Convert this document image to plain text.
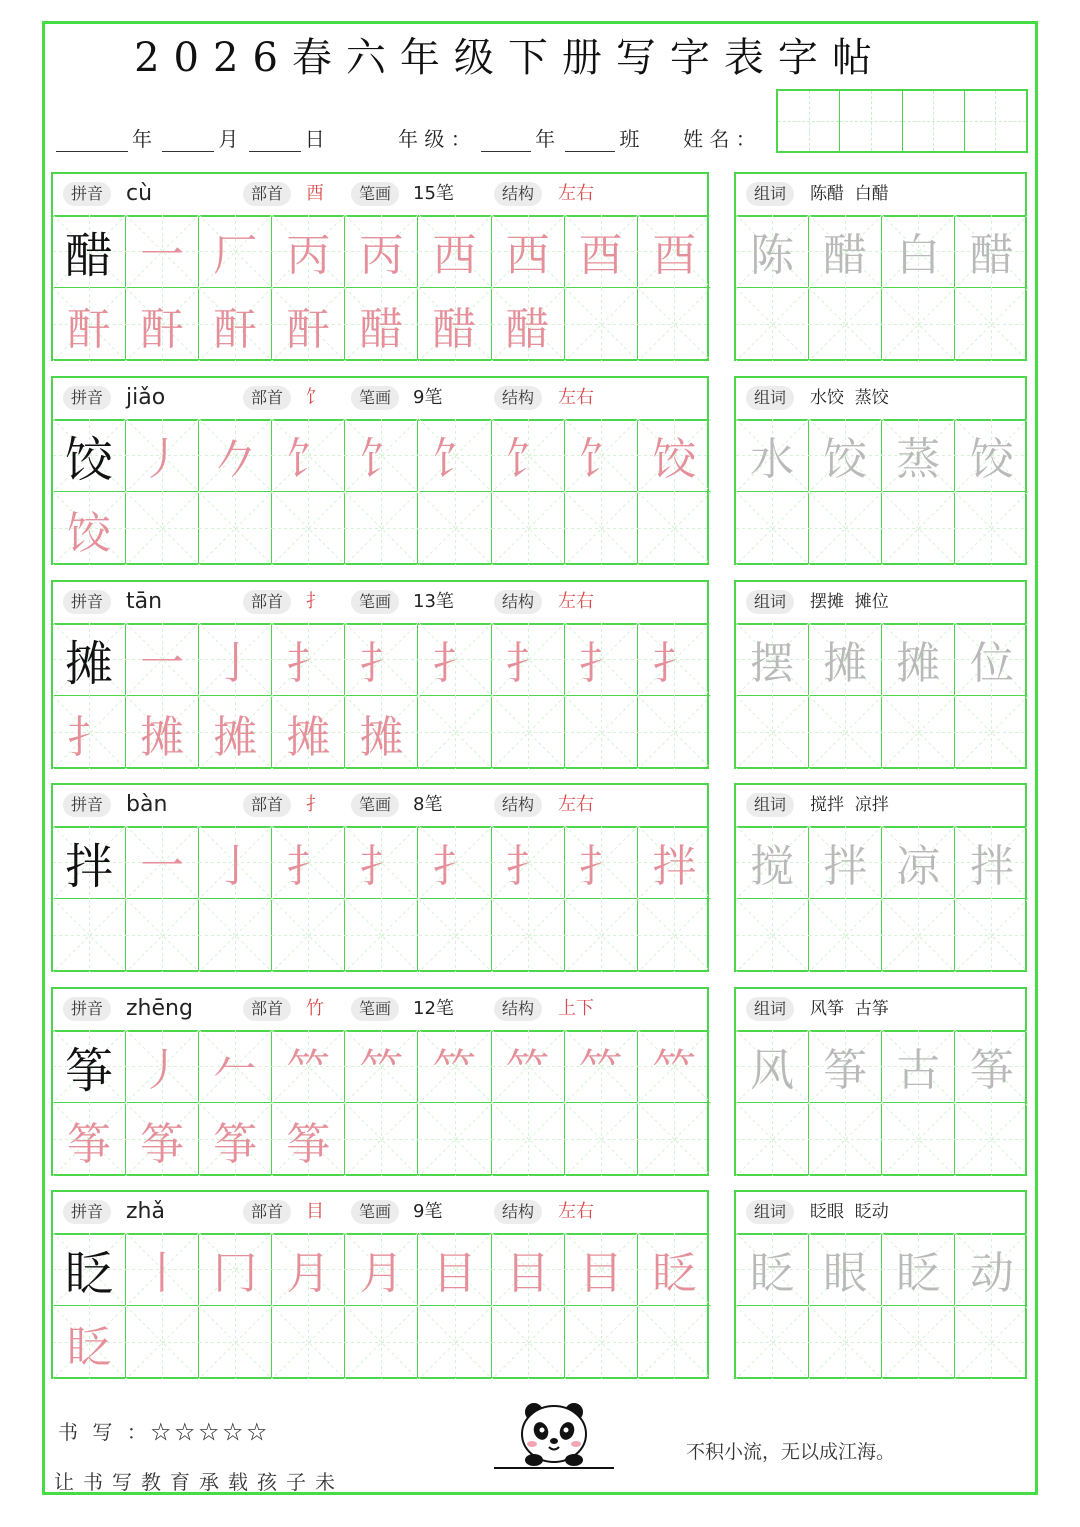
2026春六年级下册写字表字帖
年	月	日	年 级 ：	年	班 姓 名 ：
拼音	cù	部首	酉	笔画	15笔	结构	左右
醋 一 厂 丙 丙 西 西 酉 酉
酐 酐 酐 酐 醋 醋 醋
组词	陈醋  白醋
陈 醋 白 醋
拼音	jiǎo	部首	饣	笔画	9笔	结构	左右
饺 丿 𠂊 饣 饣 饣 饣 饣 饺
饺
组词	水饺  蒸饺
水 饺 蒸 饺
拼音	tān	部首	扌	笔画	13笔	结构	左右
摊 一 亅 扌 扌 扌 扌 扌 扌
扌 摊 摊 摊 摊
组词	摆摊  摊位
摆 摊 摊 位
拼音	bàn	部首	扌	笔画	8笔	结构	左右
拌 一 亅 扌 扌 扌 扌 扌 拌
组词	搅拌  凉拌
搅 拌 凉 拌
拼音	zhēng	部首	竹	笔画	12笔	结构	上下
筝 丿 𠂉 𥫗 𥫗 𥫗 𥫗 𥫗 𥫗
筝 筝 筝 筝
组词	风筝  古筝
风 筝 古 筝
拼音	zhǎ	部首	目	笔画	9笔	结构	左右
眨 丨 冂 月 月 目 目 目 眨
眨
组词	眨眼  眨动
眨 眼 眨 动
书 写 ：☆☆☆☆☆
让书写教育承载孩子未
不积小流，无以成江海。
